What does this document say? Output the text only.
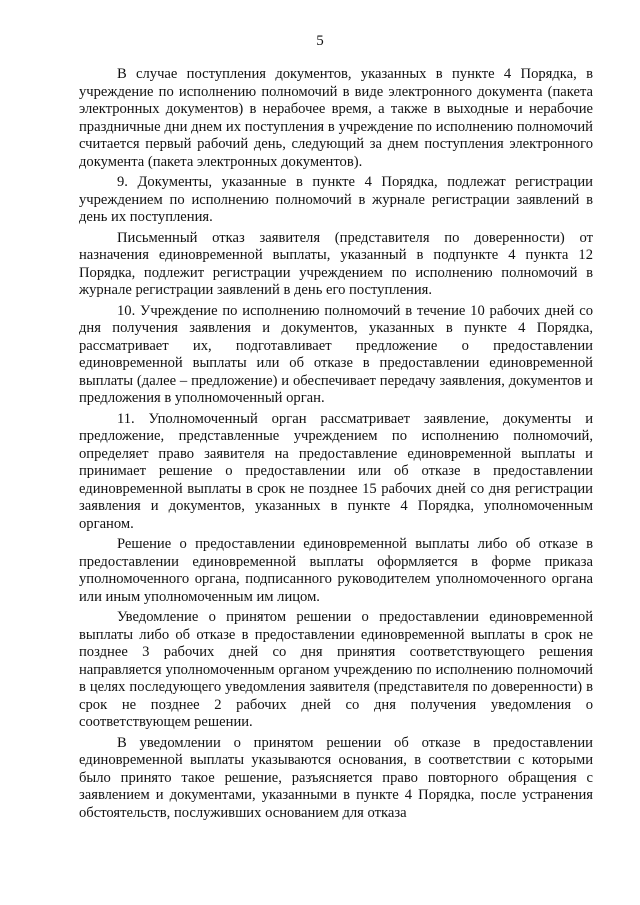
5

В случае поступления документов, указанных в пункте 4 Порядка, в учреждение по исполнению полномочий в виде электронного документа (пакета электронных документов) в нерабочее время, а также в выходные и нерабочие праздничные дни днем их поступления в учреждение по исполнению полномочий считается первый рабочий день, следующий за днем поступления электронного документа (пакета электронных документов).

9. Документы, указанные в пункте 4 Порядка, подлежат регистрации учреждением по исполнению полномочий в журнале регистрации заявлений в день их поступления.

Письменный отказ заявителя (представителя по доверенности) от назначения единовременной выплаты, указанный в подпункте 4 пункта 12 Порядка, подлежит регистрации учреждением по исполнению полномочий в журнале регистрации заявлений в день его поступления.

10. Учреждение по исполнению полномочий в течение 10 рабочих дней со дня получения заявления и документов, указанных в пункте 4 Порядка, рассматривает их, подготавливает предложение о предоставлении единовременной выплаты или об отказе в предоставлении единовременной выплаты (далее – предложение) и обеспечивает передачу заявления, документов и предложения в уполномоченный орган.

11. Уполномоченный орган рассматривает заявление, документы и предложение, представленные учреждением по исполнению полномочий, определяет право заявителя на предоставление единовременной выплаты и принимает решение о предоставлении или об отказе в предоставлении единовременной выплаты в срок не позднее 15 рабочих дней со дня регистрации заявления и документов, указанных в пункте 4 Порядка, уполномоченным органом.

Решение о предоставлении единовременной выплаты либо об отказе в предоставлении единовременной выплаты оформляется в форме приказа уполномоченного органа, подписанного руководителем уполномоченного органа или иным уполномоченным им лицом.

Уведомление о принятом решении о предоставлении единовременной выплаты либо об отказе в предоставлении единовременной выплаты в срок не позднее 3 рабочих дней со дня принятия соответствующего решения направляется уполномоченным органом учреждению по исполнению полномочий в целях последующего уведомления заявителя (представителя по доверенности) в срок не позднее 2 рабочих дней со дня получения уведомления о соответствующем решении.

В уведомлении о принятом решении об отказе в предоставлении единовременной выплаты указываются основания, в соответствии с которыми было принято такое решение, разъясняется право повторного обращения с заявлением и документами, указанными в пункте 4 Порядка, после устранения обстоятельств, послуживших основанием для отказа
